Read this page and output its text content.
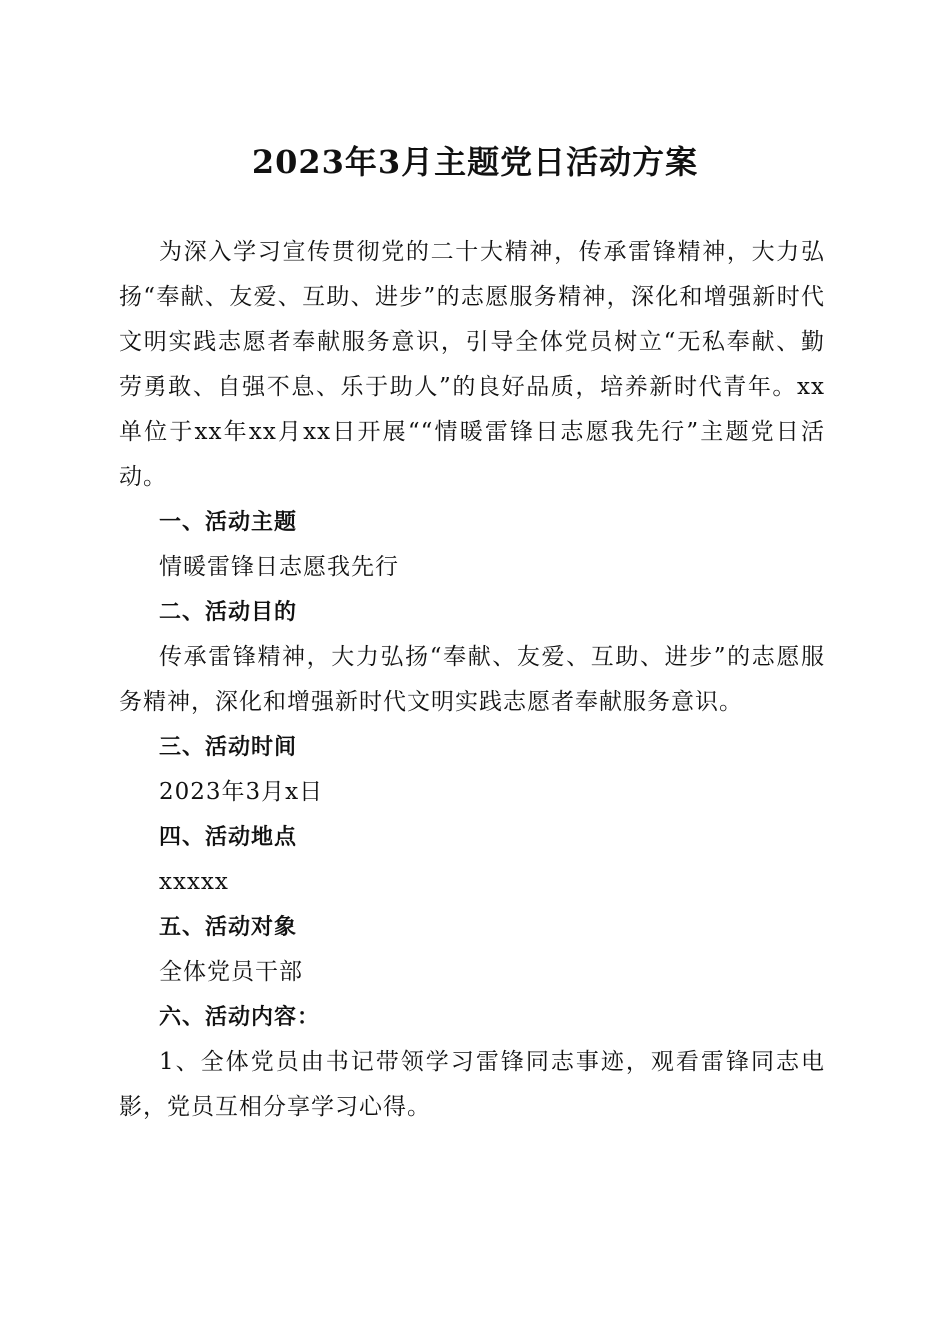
2023年3月主题党日活动方案

为深入学习宣传贯彻党的二十大精神，传承雷锋精神，大力弘扬“奉献、友爱、互助、进步”的志愿服务精神，深化和增强新时代文明实践志愿者奉献服务意识，引导全体党员树立“无私奉献、勤劳勇敢、自强不息、乐于助人”的良好品质，培养新时代青年。xx单位于xx年xx月xx日开展““情暖雷锋日志愿我先行”主题党日活动。

一、活动主题

情暖雷锋日志愿我先行

二、活动目的

传承雷锋精神，大力弘扬“奉献、友爱、互助、进步”的志愿服务精神，深化和增强新时代文明实践志愿者奉献服务意识。

三、活动时间

2023年3月x日

四、活动地点

xxxxx

五、活动对象

全体党员干部

六、活动内容：

1、全体党员由书记带领学习雷锋同志事迹，观看雷锋同志电影，党员互相分享学习心得。
